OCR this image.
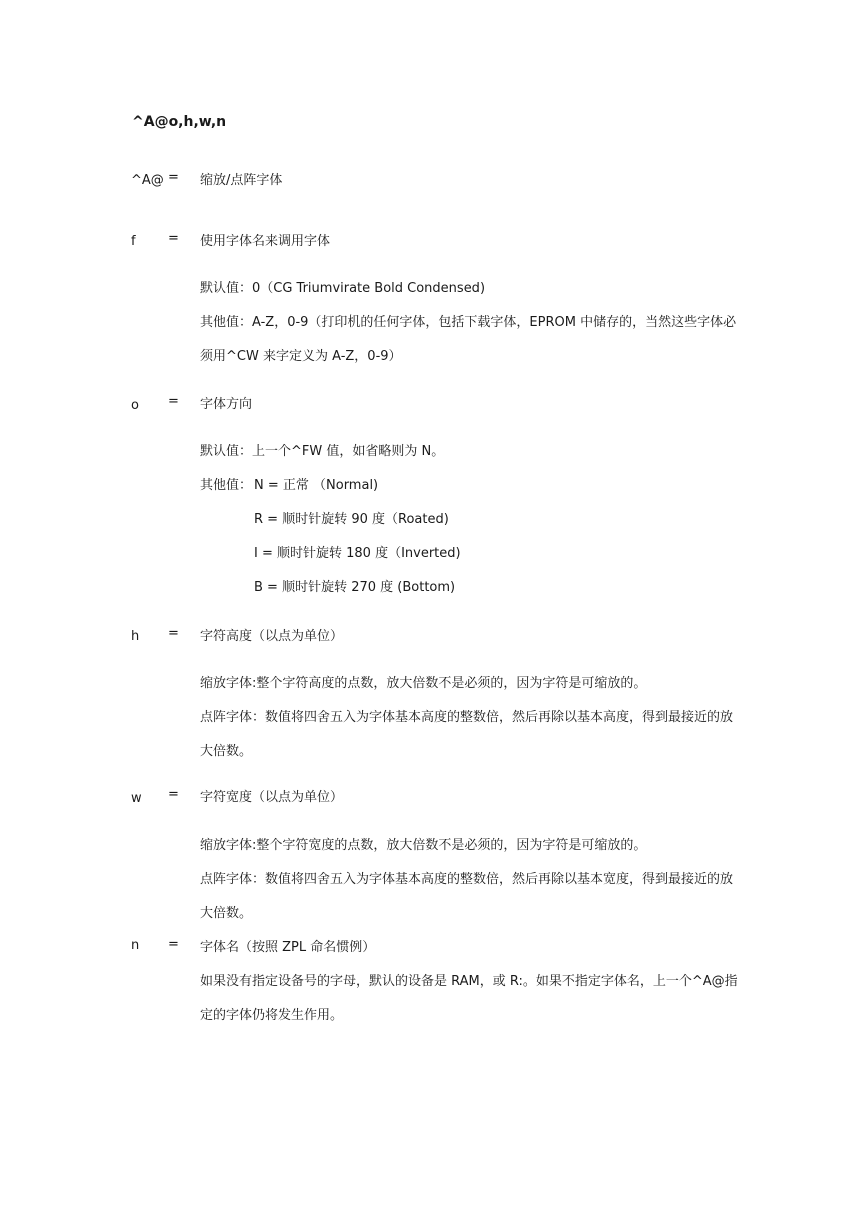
^A@o,h,w,n
^A@ = 缩放/点阵字体
f = 使用字体名来调用字体
默认值：0（CG Triumvirate Bold Condensed)
其他值：A-Z，0-9（打印机的任何字体，包括下载字体，EPROM 中储存的，当然这些字体必
须用^CW 来字定义为 A-Z，0-9）
o = 字体方向
默认值：上一个^FW 值，如省略则为 N。
其他值： N = 正常 （Normal)
R = 顺时针旋转 90 度（Roated)
I = 顺时针旋转 180 度（Inverted)
B = 顺时针旋转 270 度 (Bottom)
h = 字符高度（以点为单位）
缩放字体:整个字符高度的点数，放大倍数不是必须的，因为字符是可缩放的。
点阵字体：数值将四舍五入为字体基本高度的整数倍，然后再除以基本高度，得到最接近的放
大倍数。
w = 字符宽度（以点为单位）
缩放字体:整个字符宽度的点数，放大倍数不是必须的，因为字符是可缩放的。
点阵字体：数值将四舍五入为字体基本高度的整数倍，然后再除以基本宽度，得到最接近的放
大倍数。
n = 字体名（按照 ZPL 命名惯例）
如果没有指定设备号的字母，默认的设备是 RAM，或 R:。如果不指定字体名，上一个^A@指
定的字体仍将发生作用。
